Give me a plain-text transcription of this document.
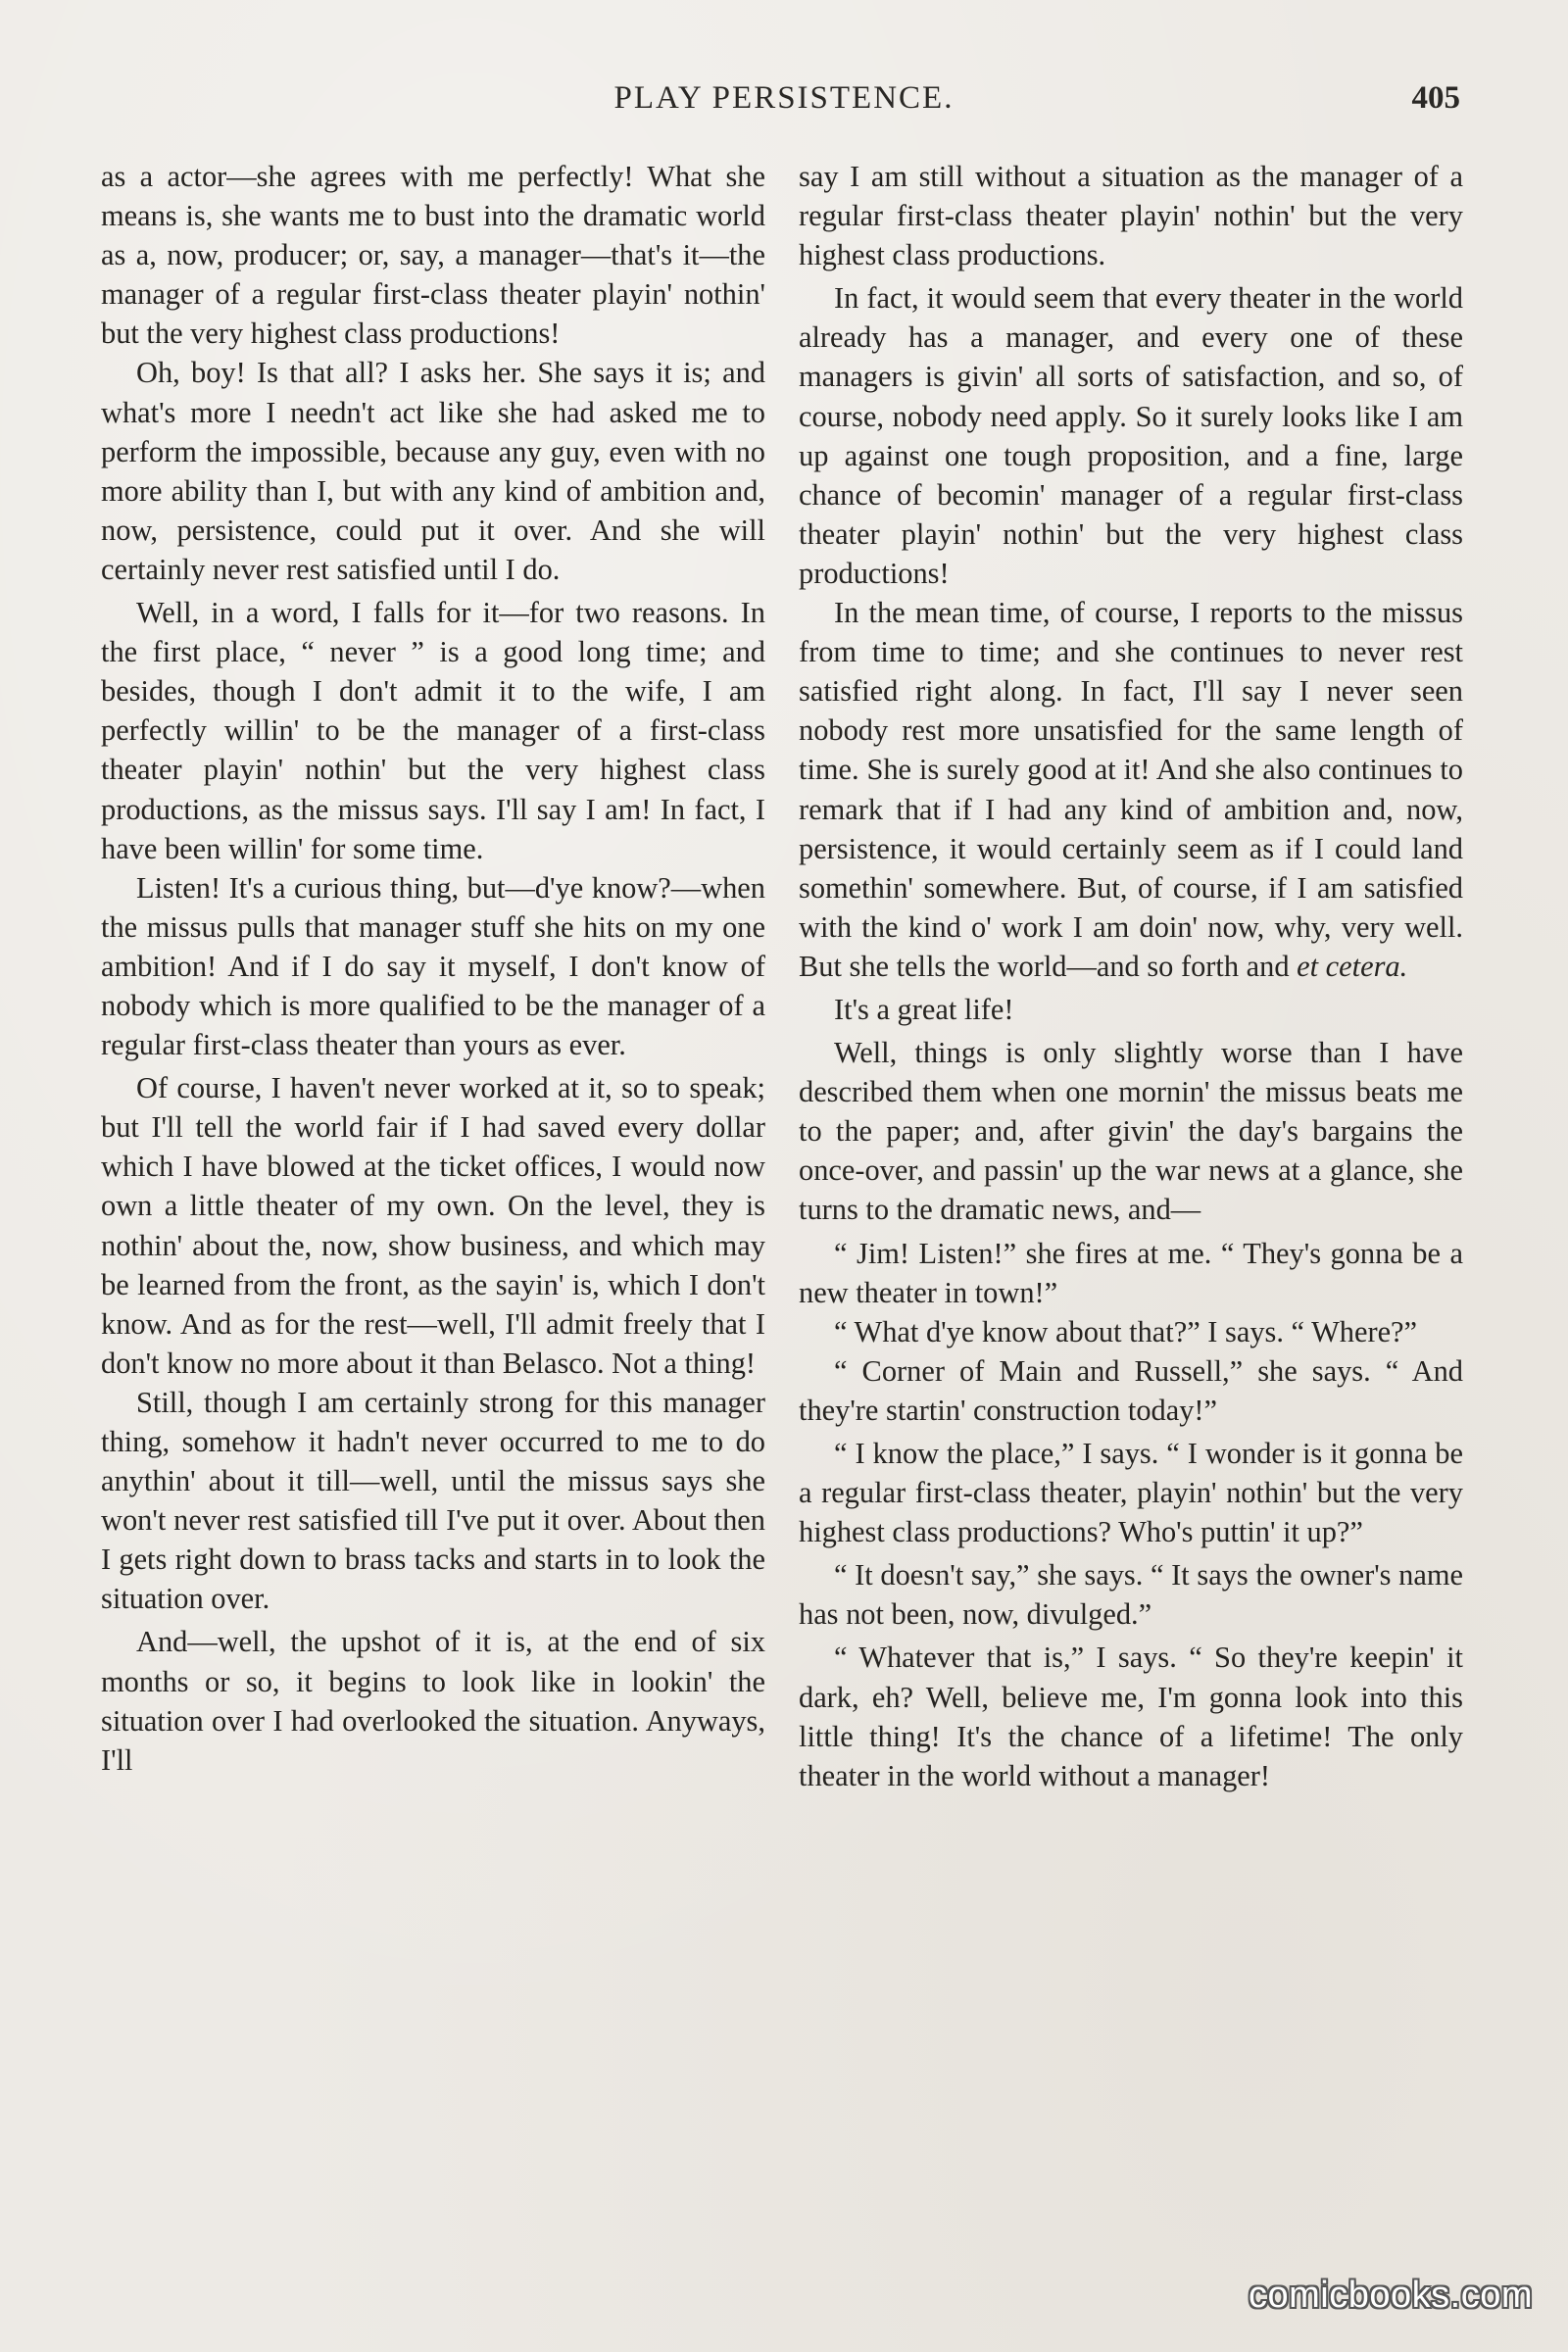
PLAY PERSISTENCE.	405

as a actor—she agrees with me perfectly! What she means is, she wants me to bust into the dramatic world as a, now, producer; or, say, a manager—that's it—the manager of a regular first-class theater playin' nothin' but the very highest class productions!

Oh, boy! Is that all? I asks her. She says it is; and what's more I needn't act like she had asked me to perform the impossible, because any guy, even with no more ability than I, but with any kind of ambition and, now, persistence, could put it over. And she will certainly never rest satisfied until I do.

Well, in a word, I falls for it—for two reasons. In the first place, “ never ” is a good long time; and besides, though I don't admit it to the wife, I am perfectly willin' to be the manager of a first-class theater playin' nothin' but the very highest class productions, as the missus says. I'll say I am! In fact, I have been willin' for some time.

Listen! It's a curious thing, but—d'ye know?—when the missus pulls that manager stuff she hits on my one ambition! And if I do say it myself, I don't know of nobody which is more qualified to be the manager of a regular first-class theater than yours as ever.

Of course, I haven't never worked at it, so to speak; but I'll tell the world fair if I had saved every dollar which I have blowed at the ticket offices, I would now own a little theater of my own. On the level, they is nothin' about the, now, show business, and which may be learned from the front, as the sayin' is, which I don't know. And as for the rest—well, I'll admit freely that I don't know no more about it than Belasco. Not a thing!

Still, though I am certainly strong for this manager thing, somehow it hadn't never occurred to me to do anythin' about it till—well, until the missus says she won't never rest satisfied till I've put it over. About then I gets right down to brass tacks and starts in to look the situation over.

And—well, the upshot of it is, at the end of six months or so, it begins to look like in lookin' the situation over I had overlooked the situation. Anyways, I'll

say I am still without a situation as the manager of a regular first-class theater playin' nothin' but the very highest class productions.

In fact, it would seem that every theater in the world already has a manager, and every one of these managers is givin' all sorts of satisfaction, and so, of course, nobody need apply. So it surely looks like I am up against one tough proposition, and a fine, large chance of becomin' manager of a regular first-class theater playin' nothin' but the very highest class productions!

In the mean time, of course, I reports to the missus from time to time; and she continues to never rest satisfied right along. In fact, I'll say I never seen nobody rest more unsatisfied for the same length of time. She is surely good at it! And she also continues to remark that if I had any kind of ambition and, now, persistence, it would certainly seem as if I could land somethin' somewhere. But, of course, if I am satisfied with the kind o' work I am doin' now, why, very well. But she tells the world—and so forth and et cetera.

It's a great life!

Well, things is only slightly worse than I have described them when one mornin' the missus beats me to the paper; and, after givin' the day's bargains the once-over, and passin' up the war news at a glance, she turns to the dramatic news, and—

“ Jim! Listen!” she fires at me. “ They's gonna be a new theater in town!”

“ What d'ye know about that?” I says. “ Where?”

“ Corner of Main and Russell,” she says. “ And they're startin' construction today!”

“ I know the place,” I says. “ I wonder is it gonna be a regular first-class theater, playin' nothin' but the very highest class productions? Who's puttin' it up?”

“ It doesn't say,” she says. “ It says the owner's name has not been, now, divulged.”

“ Whatever that is,” I says. “ So they're keepin' it dark, eh? Well, believe me, I'm gonna look into this little thing! It's the chance of a lifetime! The only theater in the world without a manager!

comicbooks.com
